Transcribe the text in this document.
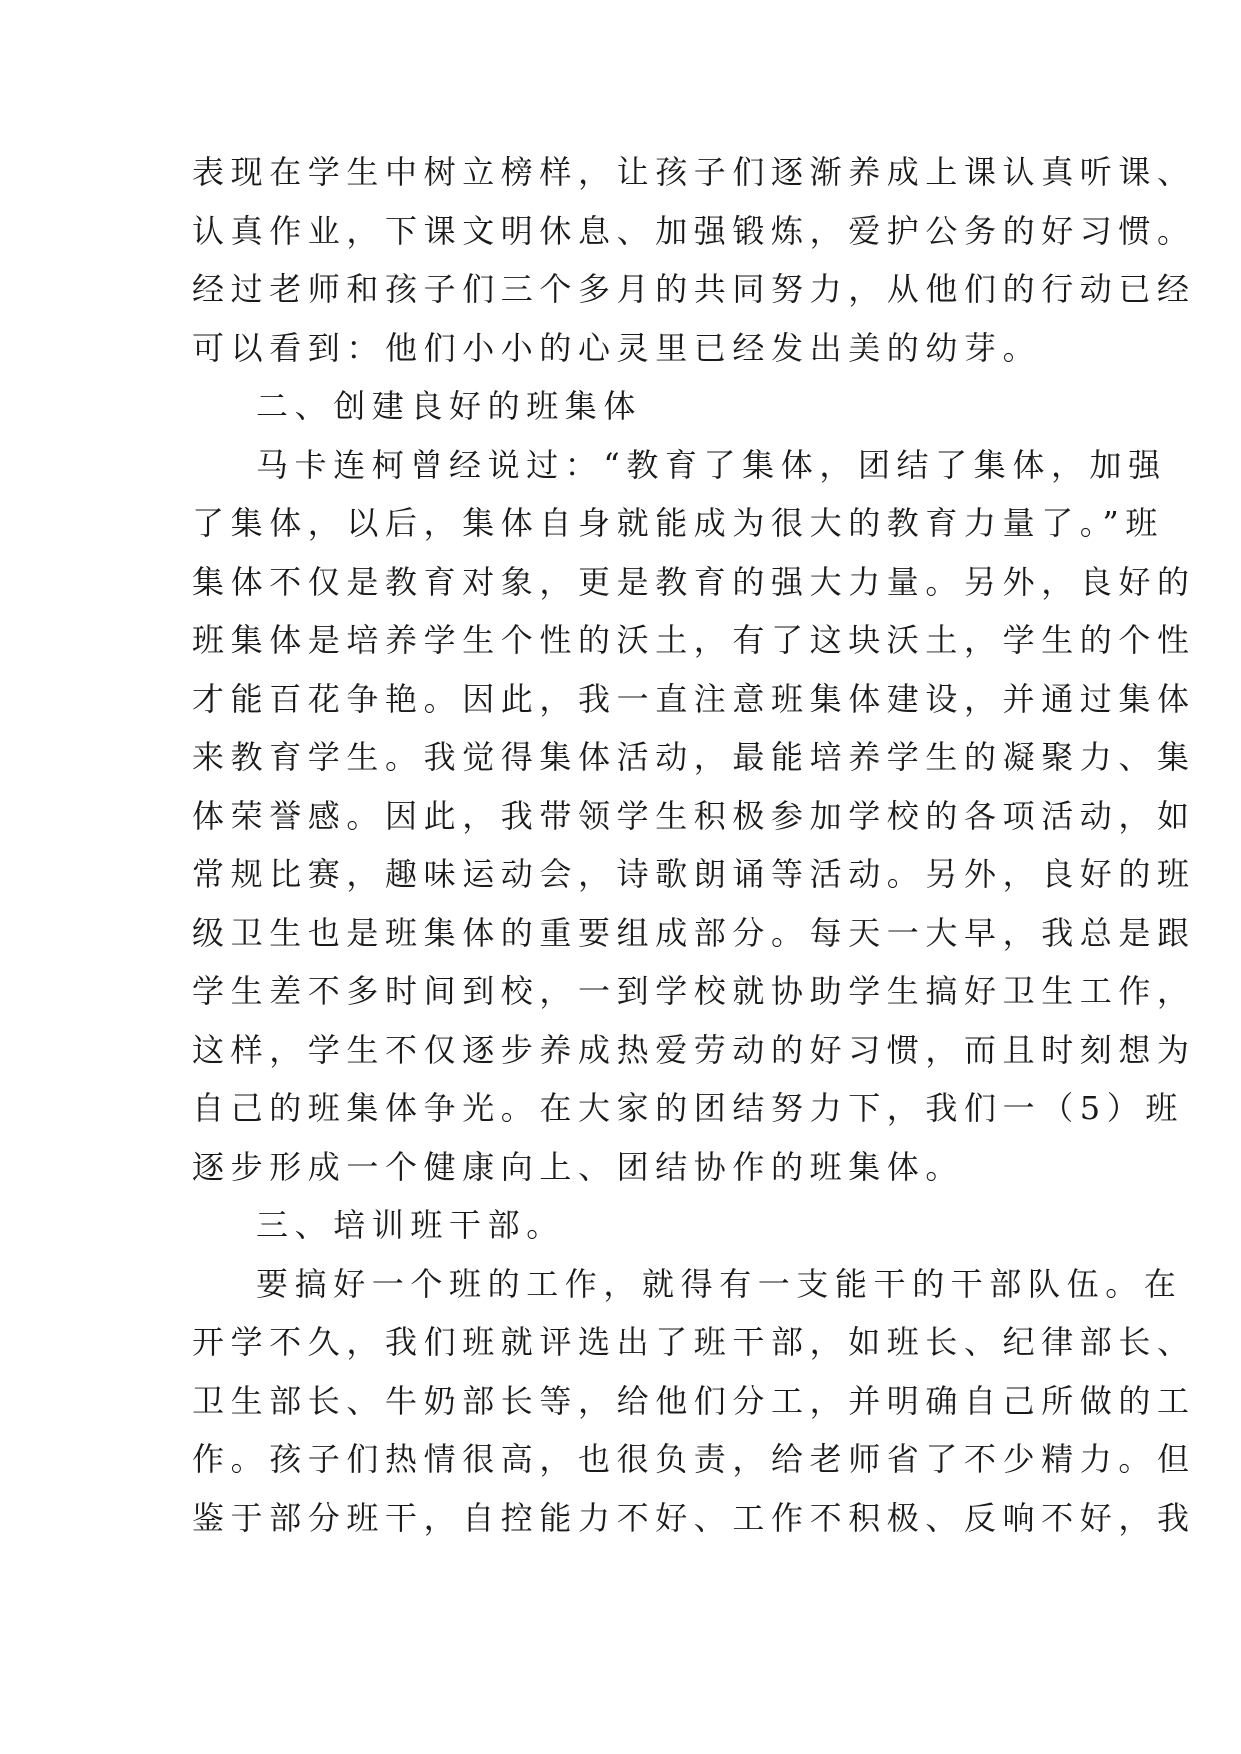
表现在学生中树立榜样，让孩子们逐渐养成上课认真听课、
认真作业，下课文明休息、加强锻炼，爱护公务的好习惯。
经过老师和孩子们三个多月的共同努力，从他们的行动已经
可以看到：他们小小的心灵里已经发出美的幼芽。
二、创建良好的班集体
马卡连柯曾经说过：“教育了集体，团结了集体，加强
了集体，以后，集体自身就能成为很大的教育力量了。”班
集体不仅是教育对象，更是教育的强大力量。另外，良好的
班集体是培养学生个性的沃土，有了这块沃土，学生的个性
才能百花争艳。因此，我一直注意班集体建设，并通过集体
来教育学生。我觉得集体活动，最能培养学生的凝聚力、集
体荣誉感。因此，我带领学生积极参加学校的各项活动，如
常规比赛，趣味运动会，诗歌朗诵等活动。另外，良好的班
级卫生也是班集体的重要组成部分。每天一大早，我总是跟
学生差不多时间到校，一到学校就协助学生搞好卫生工作，
这样，学生不仅逐步养成热爱劳动的好习惯，而且时刻想为
自己的班集体争光。在大家的团结努力下，我们一（5）班
逐步形成一个健康向上、团结协作的班集体。
三、培训班干部。
要搞好一个班的工作，就得有一支能干的干部队伍。在
开学不久，我们班就评选出了班干部，如班长、纪律部长、
卫生部长、牛奶部长等，给他们分工，并明确自己所做的工
作。孩子们热情很高，也很负责，给老师省了不少精力。但
鉴于部分班干，自控能力不好、工作不积极、反响不好，我
